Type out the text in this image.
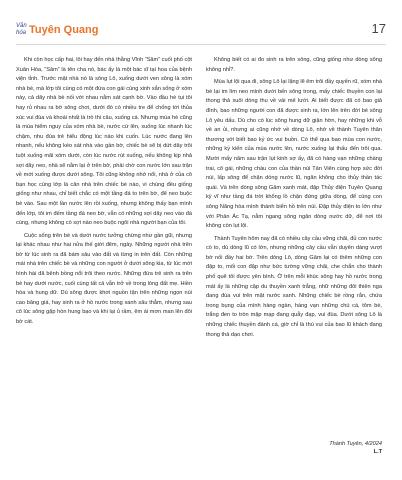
Văn hóa Tuyên Quang	17

Khi còn học cấp hai, lôi hay đến nhà thằng Vĩnh “Sâm” cuối phố cột Xuân Hòa, “Sâm” là tên cha nó, bác ấy là một bác sĩ tại hoa của bệnh viện tỉnh. Trước mặt nhà nó là sông Lô, xuống dưới ven sông là xóm nhà bè, mà lớp tôi cùng có một đứa con gái cùng xinh xắn sống ở xóm này, cả dãy nhà bè nối với nhau nằm sát cạnh bờ. Vào đầu hè tụi tôi hay rủ nhau ra bờ sông chơi, dưới đó có nhiều tre để chống tới thủa xúc vui đùa và khoái nhất là trò thi câu, xuống cá. Nhưng mùa hè cũng là mùa hiểm nguy của xóm nhà bè, nước cứ lên, xuống lúc nhanh lúc chậm, nhu đùa trẻ hiểu động lúc nào khi cuốn. Lúc nước đang lên nhanh, nếu không kéo sát nhà vào gần bờ, chiếc bè sẽ bị dứt dây trôi tuột xuống mãi xóm dưới, còn lúc nước rút xuống, nếu không kịp nhả sợi dây neo, nhà sẽ nằm lại ở trên bờ, phải chờ con nước lớn sau trận về mới xuống được dưới sông. Tôi cũng không nhớ nổi, nhà ở của cô bạn học cùng lớp là căn nhà trên chiếc bè nào, vì chúng đều giống giống như nhau, chỉ biết chắc có một tầng đá to trên bờ, để neo buộc bè vào. Sau một lần nước lên rồi xuống, nhưng không thấy bạn mình đến lớp, tôi im đếm tầng đá neo bờ, vẫn có những sợi dây neo vào đá cùng, nhưng không có sợi nào neo buộc ngôi nhà người bạn của tôi.

Cuộc sống trên bè và dưới nước tưởng chừng như gần gũi, nhưng lại khác nhau như hai nửa thế giới đêm, ngày. Những người nhà trên bờ từ lúc sinh ra đã bám sâu vào đất và từng in trên đất. Còn những mái nhà trên chiếc bè và những con người ở dưới sông kia, từ lúc mới hình hài đã bênh bồng nổi trôi theo nước. Những đứa trẻ sinh ra trên bè hay dưới nước, cuối cùng tất cả vẫn trở về trong lòng đất mẹ. Hiền hòa và hung dữ. Dù sông được khơi nguồn tận trên những ngọn núi cao băng giá, hay sinh ra ở hồ nước trong xanh sâu thẳm, nhưng sau cô lúc sông gặp hòn hung bạo và khi lại ủ rầm, êm ái mơn man lên đôi bờ cát.

Không biết có ai đo sinh ra trên sông, cũng giống như dòng sông không nhỉ?.

Mùa lụt lội qua đi, sông Lô lại lặng lẽ êm trôi đầy quyến rũ, xóm nhà bè lại im lìm neo mình dưới bến sông trong, mấy chiếc thuyền con lại thong thả xuôi dòng thu về vài mẻ lưới. Ai biết được đã có bao giả đình, bao những người con đã được sinh ra, lớn lên trên đời bè sông Lô yêu dấu. Dù cho có lúc sông hung dữ giận hờn, hay những khi vỗ về an ủi, nhưng ai cũng nhớ về dòng Lô, nhớ về thành Tuyên thân thương với biết bao kỷ ức vui buồn. Có thể qua bao mùa con nước, những kỷ kiến của mùa nước lên, nước xuống lại thấu đến trôi qua. Mười mấy năm sau trận lụt kinh sợ ấy, đã có hàng vạn những chàng trai, cô gái, những chàu con của thần núi Tản Viên cùng hợp sức đời núi, lấp sông để chặn dòng nước lũ, ngăn không cho thủy thần tác quái. Và trên dòng sông Gâm xanh mát, đập Thủy điện Tuyên Quang kỳ vĩ như tầng đá trời khổng lồ chặn đứng giữa dòng, để cùng con sông Năng hòa mình thành biển hồ trên núi. Đập thủy điện to lớn như với Phản Ác Tạ, nằm ngang sông ngăn dòng nước dữ, để nơi tôi không còn lụt lội.

Thành Tuyên hôm nay đã có nhiều cây cầu vững chãi, đủ con nước cò to, dù dòng lũ có lớn, nhưng những cây cầu vẫn duyên dáng vượt bờ nối đầy hai bờ. Trên dòng Lô, dòng Gâm lại có thêm những con đập to, mối con đập như bức tường vững chãi, che chắn cho thành phố quê tôi được yên bình. Ở trên mỗi khúc sông hay hồ nước trong mát ấy là những cặp du thuyền xanh trắng, nhữ những đôi thiên nga đang đùa vui trên mặt nước xanh. Những chiếc bè rồng rắn, chứa trong bụng của mình hàng ngàn, hàng vạn những chú cá, tôm bè, trắng đen to tròn mập mạp đang quẫy đạp, vui đùa. Dưới sông Lô là những chiếc thuyền đánh cá, giờ chỉ là thú vui của bao lũ khách đang thong thả dạo chơi.

Thành Tuyên, 4/2024
L.T
